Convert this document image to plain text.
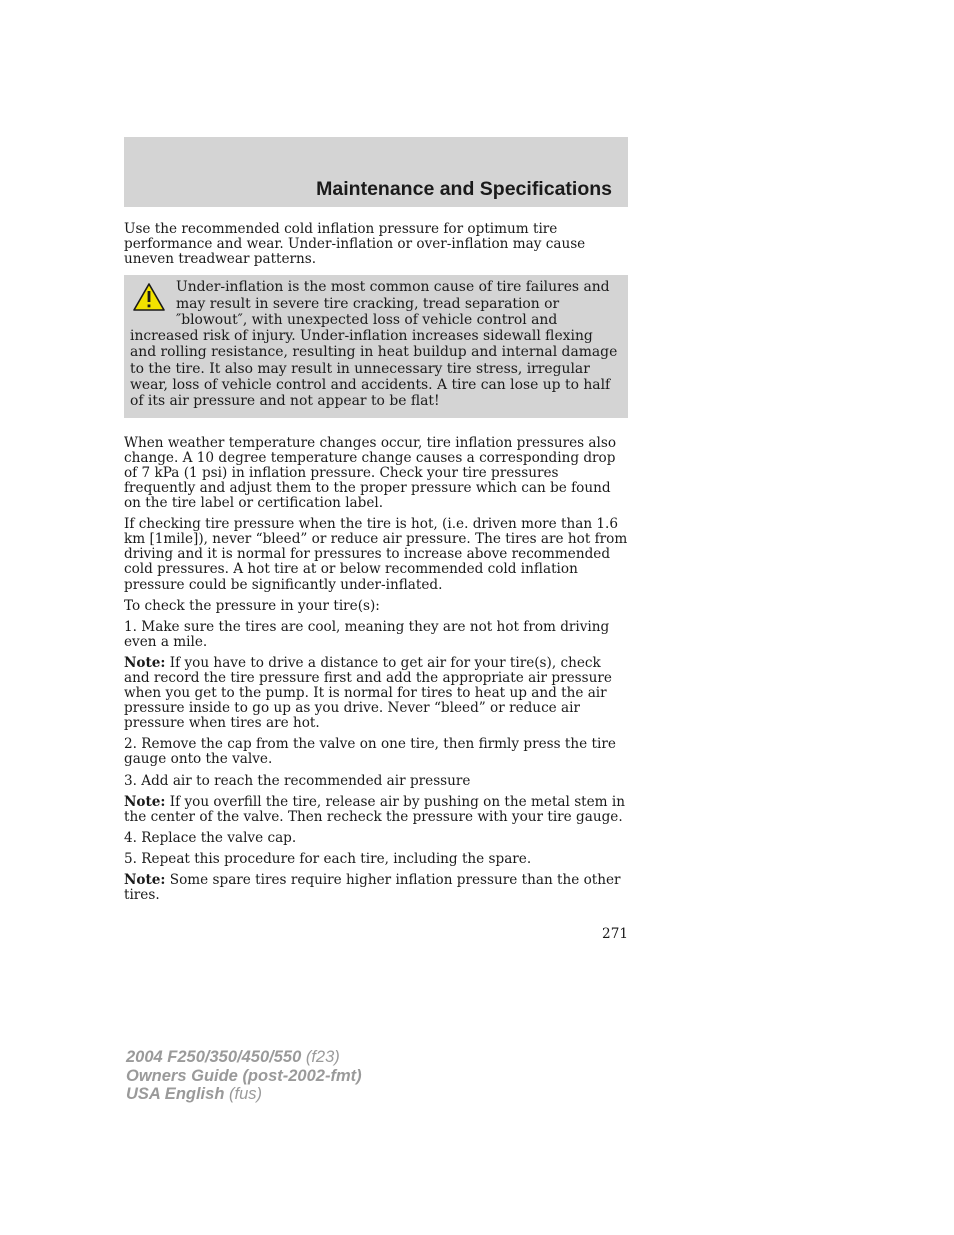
Maintenance and Specifications

Use the recommended cold inflation pressure for optimum tire performance and wear. Under-inflation or over-inflation may cause uneven treadwear patterns.

Under-inflation is the most common cause of tire failures and may result in severe tire cracking, tread separation or ″blowout″, with unexpected loss of vehicle control and increased risk of injury. Under-inflation increases sidewall flexing and rolling resistance, resulting in heat buildup and internal damage to the tire. It also may result in unnecessary tire stress, irregular wear, loss of vehicle control and accidents. A tire can lose up to half of its air pressure and not appear to be flat!

When weather temperature changes occur, tire inflation pressures also change. A 10 degree temperature change causes a corresponding drop of 7 kPa (1 psi) in inflation pressure. Check your tire pressures frequently and adjust them to the proper pressure which can be found on the tire label or certification label.

If checking tire pressure when the tire is hot, (i.e. driven more than 1.6 km [1mile]), never “bleed” or reduce air pressure. The tires are hot from driving and it is normal for pressures to increase above recommended cold pressures. A hot tire at or below recommended cold inflation pressure could be significantly under-inflated.

To check the pressure in your tire(s):

1. Make sure the tires are cool, meaning they are not hot from driving even a mile.

Note: If you have to drive a distance to get air for your tire(s), check and record the tire pressure first and add the appropriate air pressure when you get to the pump. It is normal for tires to heat up and the air pressure inside to go up as you drive. Never “bleed” or reduce air pressure when tires are hot.

2. Remove the cap from the valve on one tire, then firmly press the tire gauge onto the valve.

3. Add air to reach the recommended air pressure

Note: If you overfill the tire, release air by pushing on the metal stem in the center of the valve. Then recheck the pressure with your tire gauge.

4. Replace the valve cap.

5. Repeat this procedure for each tire, including the spare.

Note: Some spare tires require higher inflation pressure than the other tires.

271
2004 F250/350/450/550 (f23)
Owners Guide (post-2002-fmt)
USA English (fus)
